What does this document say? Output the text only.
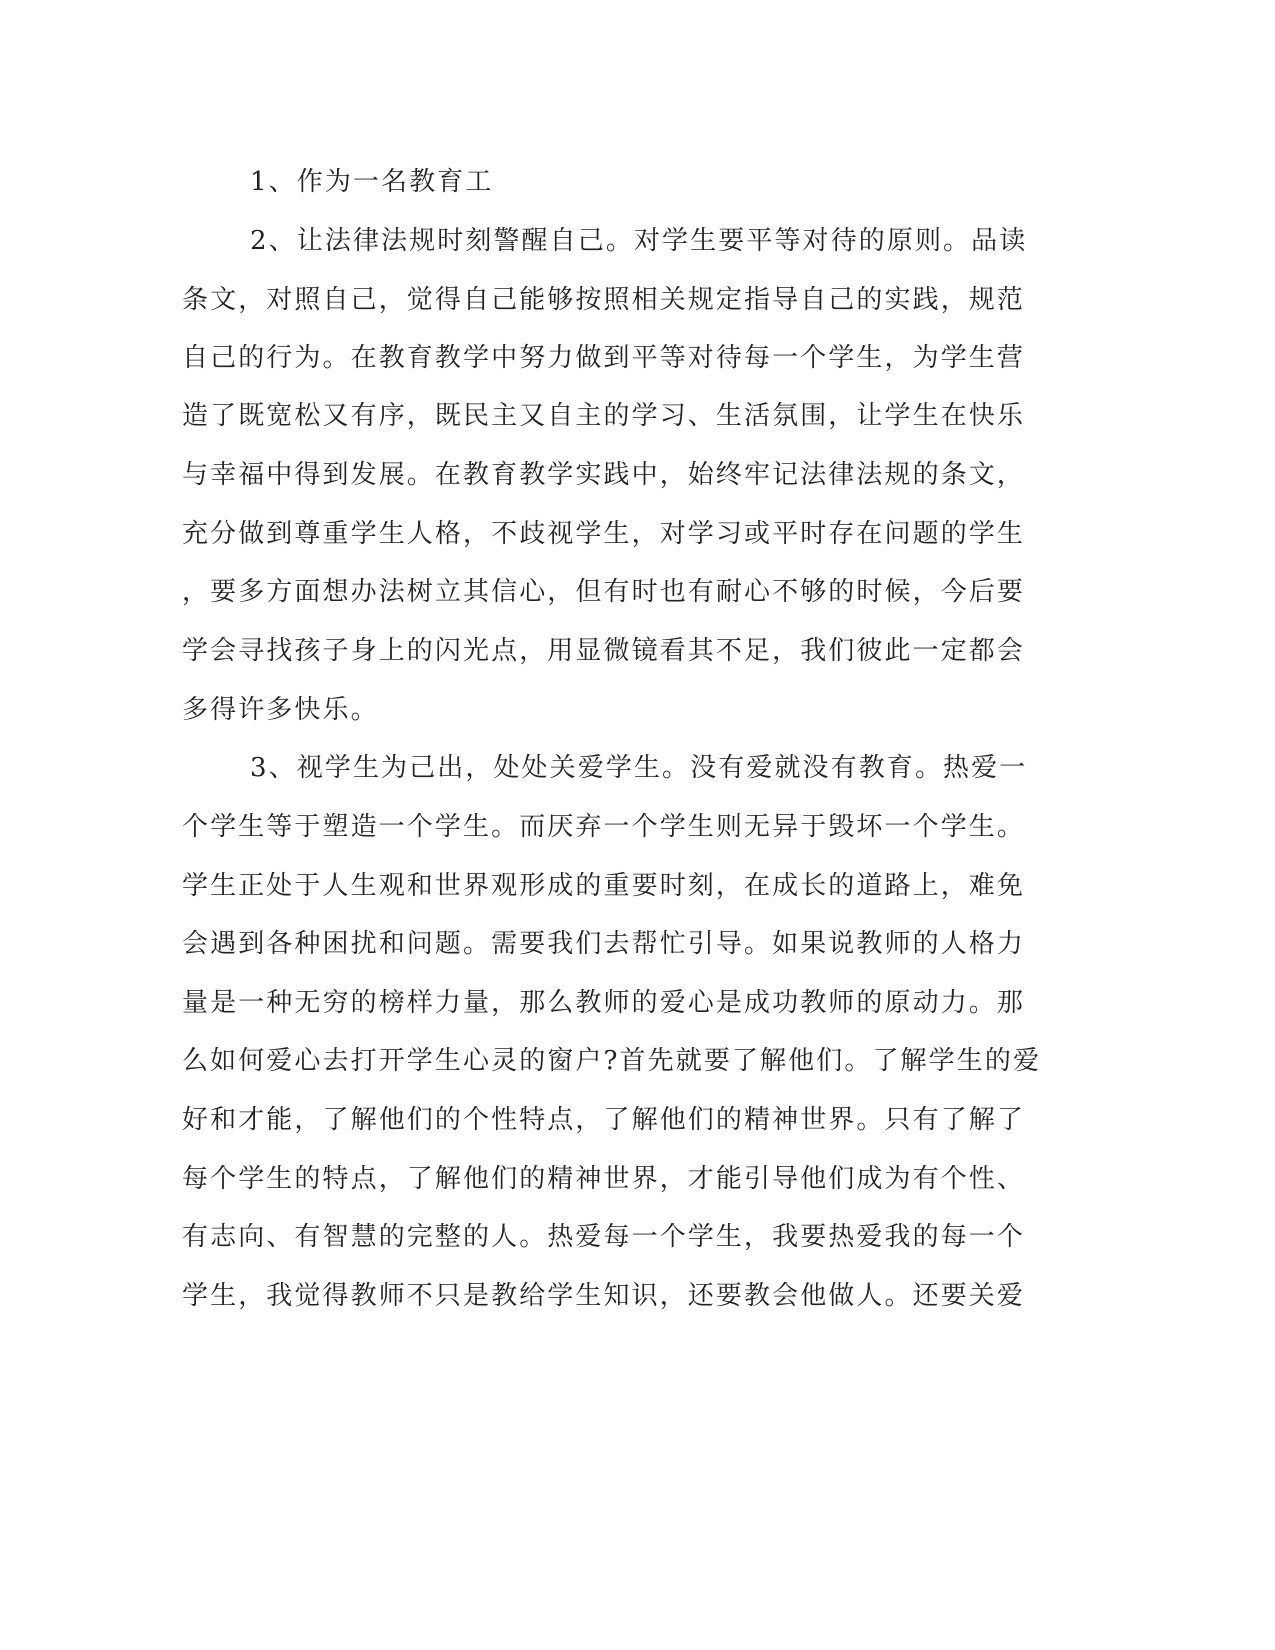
1、作为一名教育工
2、让法律法规时刻警醒自己。对学生要平等对待的原则。品读
条文，对照自己，觉得自己能够按照相关规定指导自己的实践，规范
自己的行为。在教育教学中努力做到平等对待每一个学生，为学生营
造了既宽松又有序，既民主又自主的学习、生活氛围，让学生在快乐
与幸福中得到发展。在教育教学实践中，始终牢记法律法规的条文，
充分做到尊重学生人格，不歧视学生，对学习或平时存在问题的学生
，要多方面想办法树立其信心，但有时也有耐心不够的时候，今后要
学会寻找孩子身上的闪光点，用显微镜看其不足，我们彼此一定都会
多得许多快乐。
3、视学生为己出，处处关爱学生。没有爱就没有教育。热爱一
个学生等于塑造一个学生。而厌弃一个学生则无异于毁坏一个学生。
学生正处于人生观和世界观形成的重要时刻，在成长的道路上，难免
会遇到各种困扰和问题。需要我们去帮忙引导。如果说教师的人格力
量是一种无穷的榜样力量，那么教师的爱心是成功教师的原动力。那
么如何爱心去打开学生心灵的窗户?首先就要了解他们。了解学生的爱
好和才能，了解他们的个性特点，了解他们的精神世界。只有了解了
每个学生的特点，了解他们的精神世界，才能引导他们成为有个性、
有志向、有智慧的完整的人。热爱每一个学生，我要热爱我的每一个
学生，我觉得教师不只是教给学生知识，还要教会他做人。还要关爱
